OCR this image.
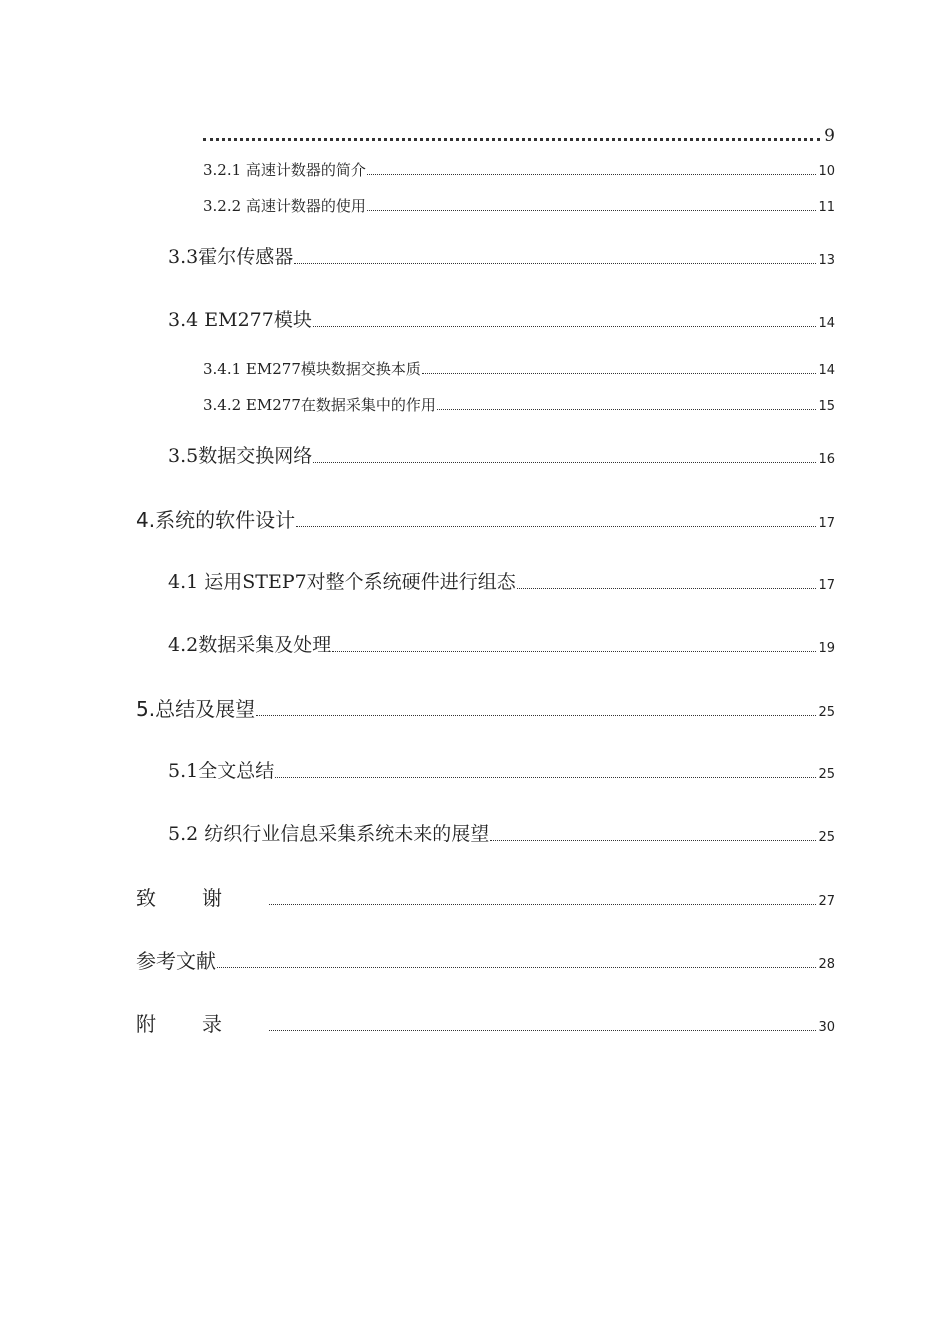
9
3.2.1 高速计数器的简介	10
3.2.2 高速计数器的使用	11
3.3霍尔传感器	13
3.4 EM277模块	14
3.4.1 EM277模块数据交换本质	14
3.4.2 EM277在数据采集中的作用	15
3.5数据交换网络	16
4.系统的软件设计	17
4.1 运用STEP7对整个系统硬件进行组态	17
4.2数据采集及处理	19
5.总结及展望	25
5.1全文总结	25
5.2 纺织行业信息采集系统未来的展望	25
致谢	27
参考文献	28
附录	30
